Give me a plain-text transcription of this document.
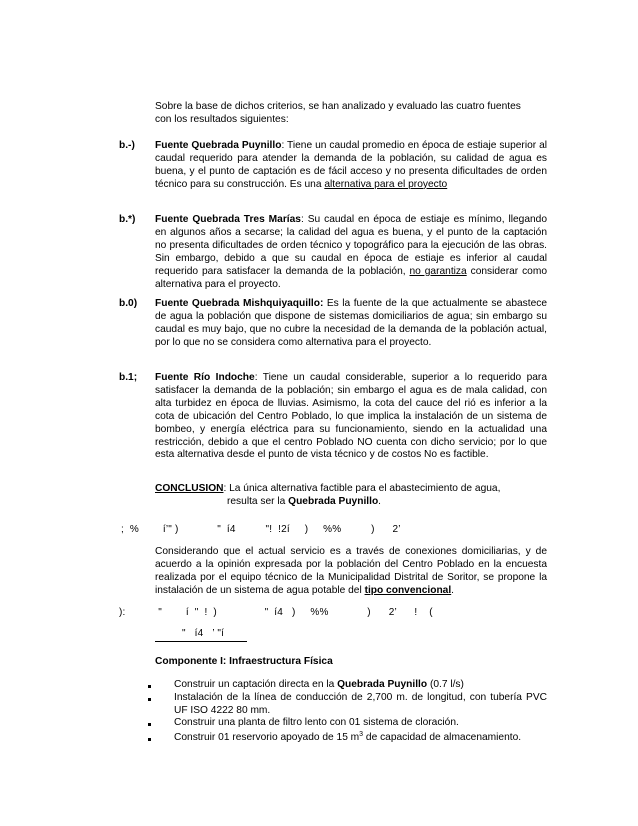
Sobre la base de dichos criterios, se han analizado y evaluado las cuatro fuentes
con los resultados siguientes:
b.-) Fuente Quebrada Puynillo: Tiene un caudal promedio en época de estiaje superior al caudal requerido para atender la demanda de la población, su calidad de agua es buena, y el punto de captación es de fácil acceso y no presenta dificultades de orden técnico para su construcción. Es una alternativa para el proyecto
b.*) Fuente Quebrada Tres Marías: Su caudal en época de estiaje es mínimo, llegando en algunos años a secarse; la calidad del agua es buena, y el punto de la captación no presenta dificultades de orden técnico y topográfico para la ejecución de las obras. Sin embargo, debido a que su caudal en época de estiaje es inferior al caudal requerido para satisfacer la demanda de la población, no garantiza considerar como alternativa para el proyecto.
b.0) Fuente Quebrada Mishquiyaquillo: Es la fuente de la que actualmente se abastece de agua la población que dispone de sistemas domiciliarios de agua; sin embargo su caudal es muy bajo, que no cubre la necesidad de la demanda de la población actual, por lo que no se considera como alternativa para el proyecto.
b.1; Fuente Río Indoche: Tiene un caudal considerable, superior a lo requerido para satisfacer la demanda de la población; sin embargo el agua es de mala calidad, con alta turbidez en época de lluvias. Asimismo, la cota del cauce del rió es inferior a la cota de ubicación del Centro Poblado, lo que implica la instalación de un sistema de bombeo, y energía eléctrica para su funcionamiento, siendo en la actualidad una restricción, debido a que el centro Poblado NO cuenta con dicho servicio; por lo que esta alternativa desde el punto de vista técnico y de costos No es factible.
CONCLUSION: La única alternativa factible para el abastecimiento de agua,
resulta ser la Quebrada Puynillo.
;  %        í’" )             "  í4          "!  !2í     )     %%          )      2’
Considerando que el actual servicio es a través de conexiones domiciliarias, y de acuerdo a la opinión expresada por la población del Centro Poblado en la encuesta realizada por el equipo técnico de la Municipalidad Distrital de Soritor, se propone la instalación de un sistema de agua potable del tipo convencional.
):           "        í  "  !  )                "  í4   )     %%             )      2’      !    (
"   í4   ’ "í
Componente I: Infraestructura Física
Construir un captación directa en la Quebrada Puynillo (0.7 l/s)
Instalación de la línea de conducción de 2,700 m. de longitud, con tubería PVC UF ISO 4222 80 mm.
Construir una planta de filtro lento con 01 sistema de cloración.
Construir 01 reservorio apoyado de 15 $m^3$ de capacidad de almacenamiento.
